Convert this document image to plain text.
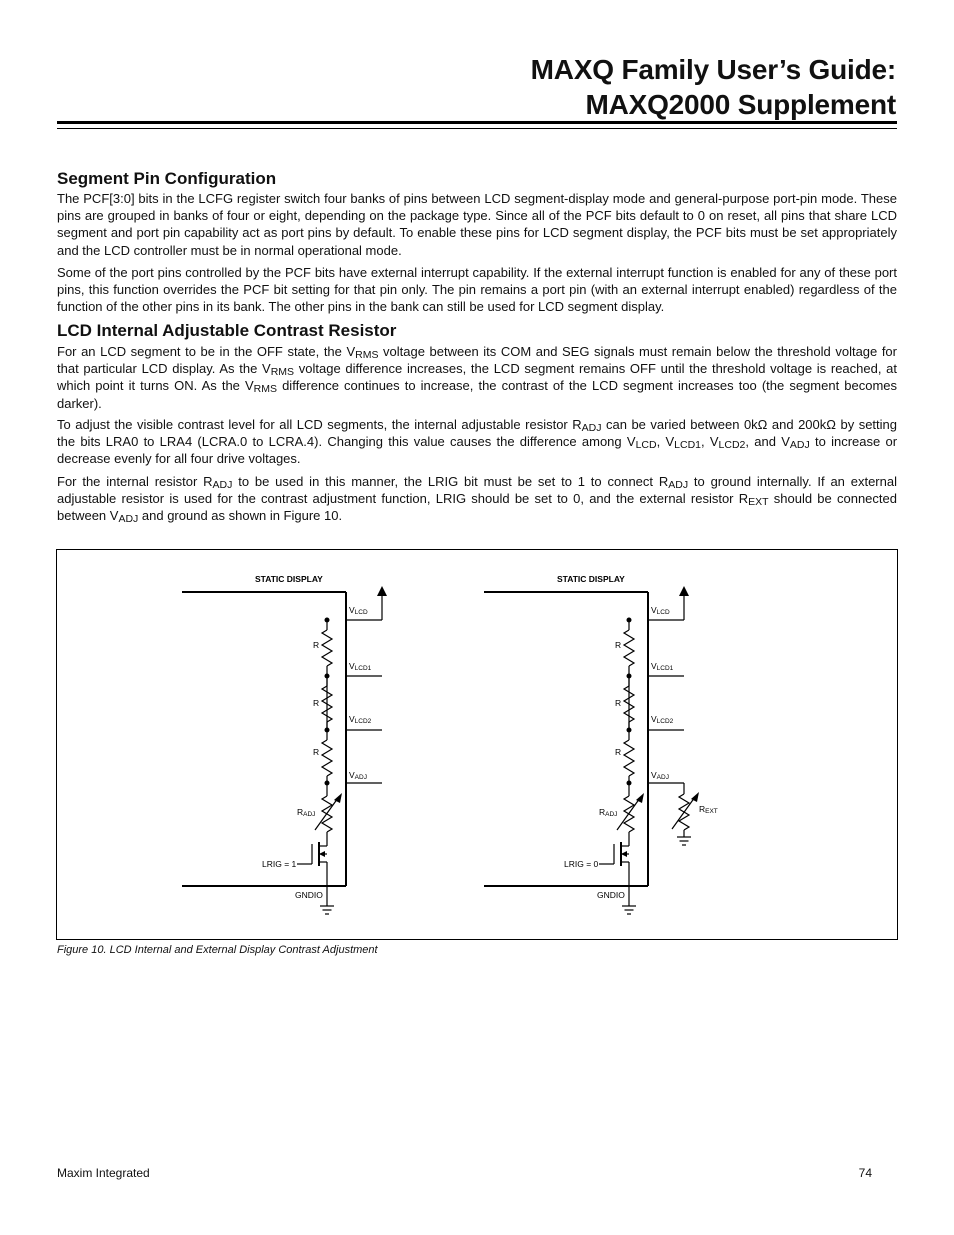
MAXQ Family User’s Guide:
MAXQ2000 Supplement
Segment Pin Configuration

The PCF[3:0] bits in the LCFG register switch four banks of pins between LCD segment-display mode and general-purpose port-pin mode. These pins are grouped in banks of four or eight, depending on the package type. Since all of the PCF bits default to 0 on reset, all pins that share LCD segment and port pin capability act as port pins by default. To enable these pins for LCD segment display, the PCF bits must be set appropriately and the LCD controller must be in normal operational mode.

Some of the port pins controlled by the PCF bits have external interrupt capability. If the external interrupt function is enabled for any of these port pins, this function overrides the PCF bit setting for that pin only. The pin remains a port pin (with an external interrupt enabled) regardless of the function of the other pins in its bank. The other pins in the bank can still be used for LCD segment display.

LCD Internal Adjustable Contrast Resistor

For an LCD segment to be in the OFF state, the $V_{RMS}$ voltage between its COM and SEG signals must remain below the threshold voltage for that particular LCD display. As the $V_{RMS}$ voltage difference increases, the LCD segment remains OFF until the threshold voltage is reached, at which point it turns ON. As the $V_{RMS}$ difference continues to increase, the contrast of the LCD segment increases too (the segment becomes darker).

To adjust the visible contrast level for all LCD segments, the internal adjustable resistor $R_{ADJ}$ can be varied between 0kΩ and 200kΩ by setting the bits LRA0 to LRA4 (LCRA.0 to LCRA.4). Changing this value causes the difference among $V_{LCD}$, $V_{LCD1}$, $V_{LCD2}$, and $V_{ADJ}$ to increase or decrease evenly for all four drive voltages.

For the internal resistor $R_{ADJ}$ to be used in this manner, the LRIG bit must be set to 1 to connect $R_{ADJ}$ to ground internally. If an external adjustable resistor is used for the contrast adjustment function, LRIG should be set to 0, and the external resistor $R_{EXT}$ should be connected between $V_{ADJ}$ and ground as shown in Figure 10.

STATIC DISPLAY
VLCD
VLCD1
VLCD2
VADJ
R
R
R
RADJ
LRIG = 1
GNDIO
STATIC DISPLAY
VLCD
VLCD1
VLCD2
VADJ
R
R
R
RADJ
REXT
LRIG = 0
GNDIO
Figure 10. LCD Internal and External Display Contrast Adjustment
Maxim Integrated	74
